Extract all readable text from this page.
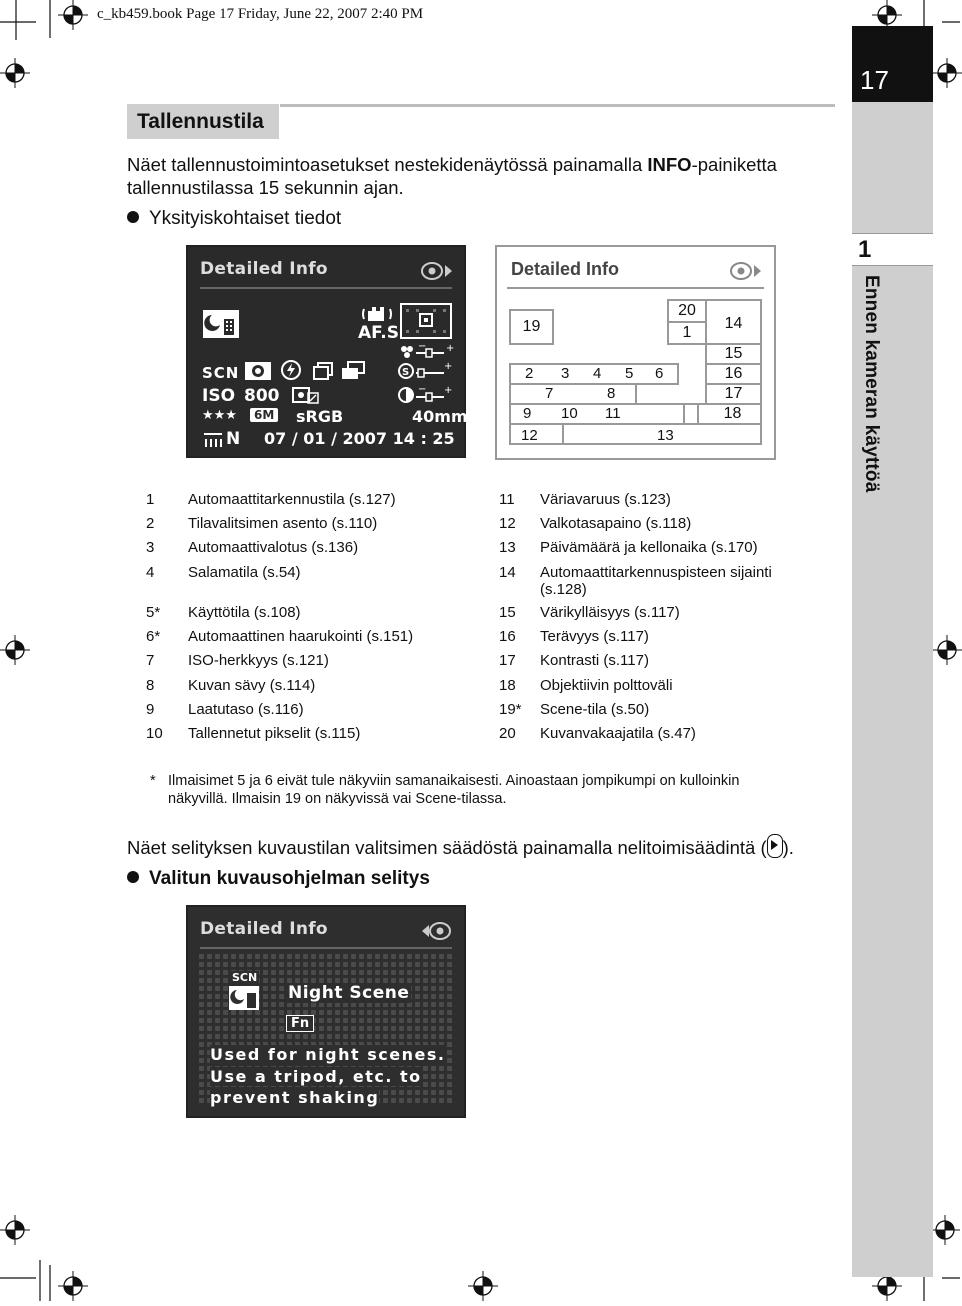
c_kb459.book Page 17 Friday, June 22, 2007 2:40 PM
17
1
Ennen kameran käyttöä
Tallennustila
Näet tallennustoimintoasetukset nestekidenäytössä painamalla INFO-painiketta
tallennustilassa 15 sekunnin ajan.
Yksityiskohtaiset tiedot
Detailed Info
AF.S
+
−
SCN	S
+
ISO 800	+
−
★★★	6M sRGB	40mm
N 07 / 01 / 2007 14 : 25
Detailed Info
19
20
1
14
15
2 3 4 5 6	16
7	8	17
9 10 11	18
12	13
1 Automaattitarkennustila (s.127)
2 Tilavalitsimen asento (s.110)
3 Automaattivalotus (s.136)
4 Salamatila (s.54)
5* Käyttötila (s.108)
6* Automaattinen haarukointi (s.151)
7 ISO-herkkyys (s.121)
8 Kuvan sävy (s.114)
9 Laatutaso (s.116)
10 Tallennetut pikselit (s.115)
11 Väriavaruus (s.123)
12 Valkotasapaino (s.118)
13 Päivämäärä ja kellonaika (s.170)
14 Automaattitarkennuspisteen sijainti
(s.128)
15 Värikylläisyys (s.117)
16 Terävyys (s.117)
17 Kontrasti (s.117)
18 Objektiivin polttoväli
19* Scene-tila (s.50)
20 Kuvanvakaajatila (s.47)
* Ilmaisimet 5 ja 6 eivät tule näkyviin samanaikaisesti. Ainoastaan jompikumpi on kulloinkin
näkyvillä. Ilmaisin 19 on näkyvissä vai Scene-tilassa.
Näet selityksen kuvaustilan valitsimen säädöstä painamalla nelitoimisäädintä ( ).
Valitun kuvausohjelman selitys
Detailed Info
SCN
Night Scene
Fn
Used for night scenes.
Use a tripod, etc. to
prevent shaking
